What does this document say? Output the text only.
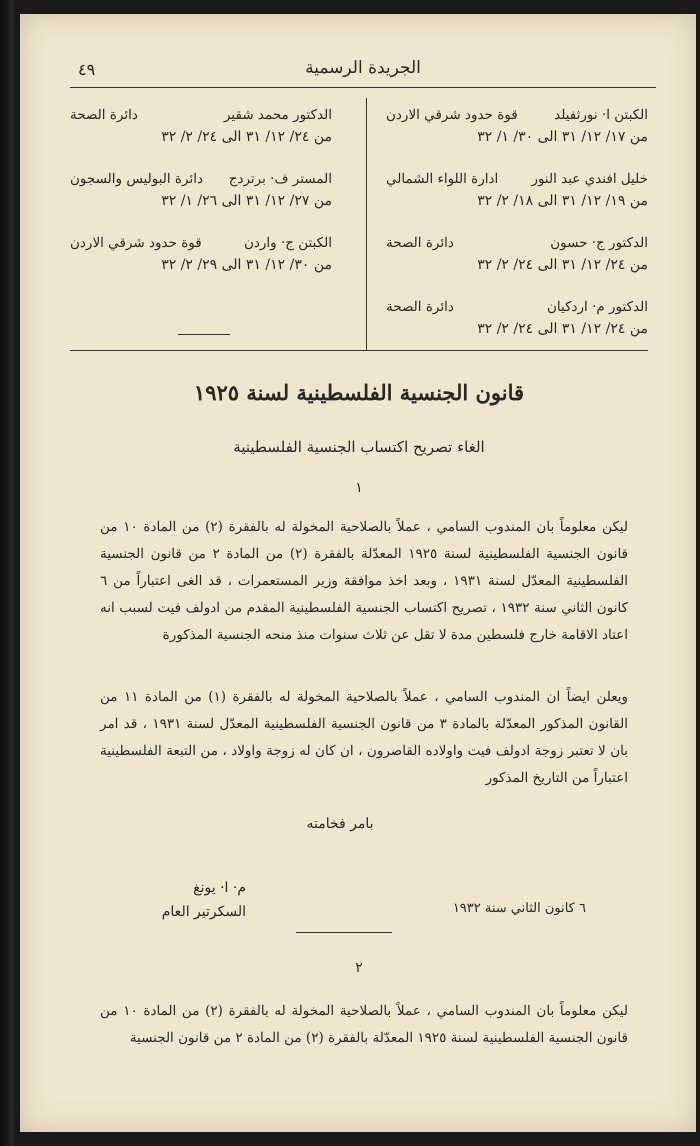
الجريدة الرسمية
٤٩
الكبتن ا· نورثفيلد
قوة حدود شرقي الاردن
من ١٧/ ١٢/ ٣١ الى ٣٠/ ١/ ٣٢
خليل افندي عبد النور
ادارة اللواء الشمالي
من ١٩/ ١٢/ ٣١ الى ١٨/ ٢/ ٣٢
الدكتور ج· حسون
دائرة الصحة
من ٢٤/ ١٢/ ٣١ الى ٢٤/ ٢/ ٣٢
الدكتور م· اردكيان
دائرة الصحة
من ٢٤/ ١٢/ ٣١ الى ٢٤/ ٢/ ٣٢
الدكتور محمد شقير
دائرة الصحة
من ٢٤/ ١٢/ ٣١ الى ٢٤/ ٢/ ٣٢
المستر ف· برتردج
دائرة البوليس والسجون
من ٢٧/ ١٢/ ٣١ الى ٢٦/ ١/ ٣٢
الكبتن ج· واردن
قوة حدود شرقي الاردن
من ٣٠/ ١٢/ ٣١ الى ٢٩/ ٢/ ٣٢
قانون الجنسية الفلسطينية لسنة ١٩٢٥
الغاء تصريح اكتساب الجنسية الفلسطينية
١
ليكن معلوماً بان المندوب السامي ، عملاً بالصلاحية المخولة له بالفقرة (٢) من المادة ١٠ من قانون الجنسية الفلسطينية لسنة ١٩٢٥ المعدّلة بالفقرة (٢) من المادة ٢ من قانون الجنسية الفلسطينية المعدّل لسنة ١٩٣١ ، وبعد اخذ موافقة وزير المستعمرات ، قد الغى اعتباراً من ٦ كانون الثاني سنة ١٩٣٢ ، تصريح اكتساب الجنسية الفلسطينية المقدم من ادولف فيت لسبب انه اعتاد الاقامة خارج فلسطين مدة لا تقل عن ثلاث سنوات منذ منحه الجنسية المذكورة
ويعلن ايضاً ان المندوب السامي ، عملاً بالصلاحية المخولة له بالفقرة (١) من المادة ١١ من القانون المذكور المعدّلة بالمادة ٣ من قانون الجنسية الفلسطينية المعدّل لسنة ١٩٣١ ، قد امر بان لا تعتبر زوجة ادولف فيت واولاده القاصرون ، ان كان له زوجة واولاد ، من التبعة الفلسطينية اعتباراً من التاريخ المذكور
بامر فخامته
م· ا· يونغ
السكرتير العام	٦ كانون الثاني سنة ١٩٣٢
٢
ليكن معلوماً بان المندوب السامي ، عملاً بالصلاحية المخولة له بالفقرة (٢) من المادة ١٠ من قانون الجنسية الفلسطينية لسنة ١٩٢٥ المعدّلة بالفقرة (٢) من المادة ٢ من قانون الجنسية
